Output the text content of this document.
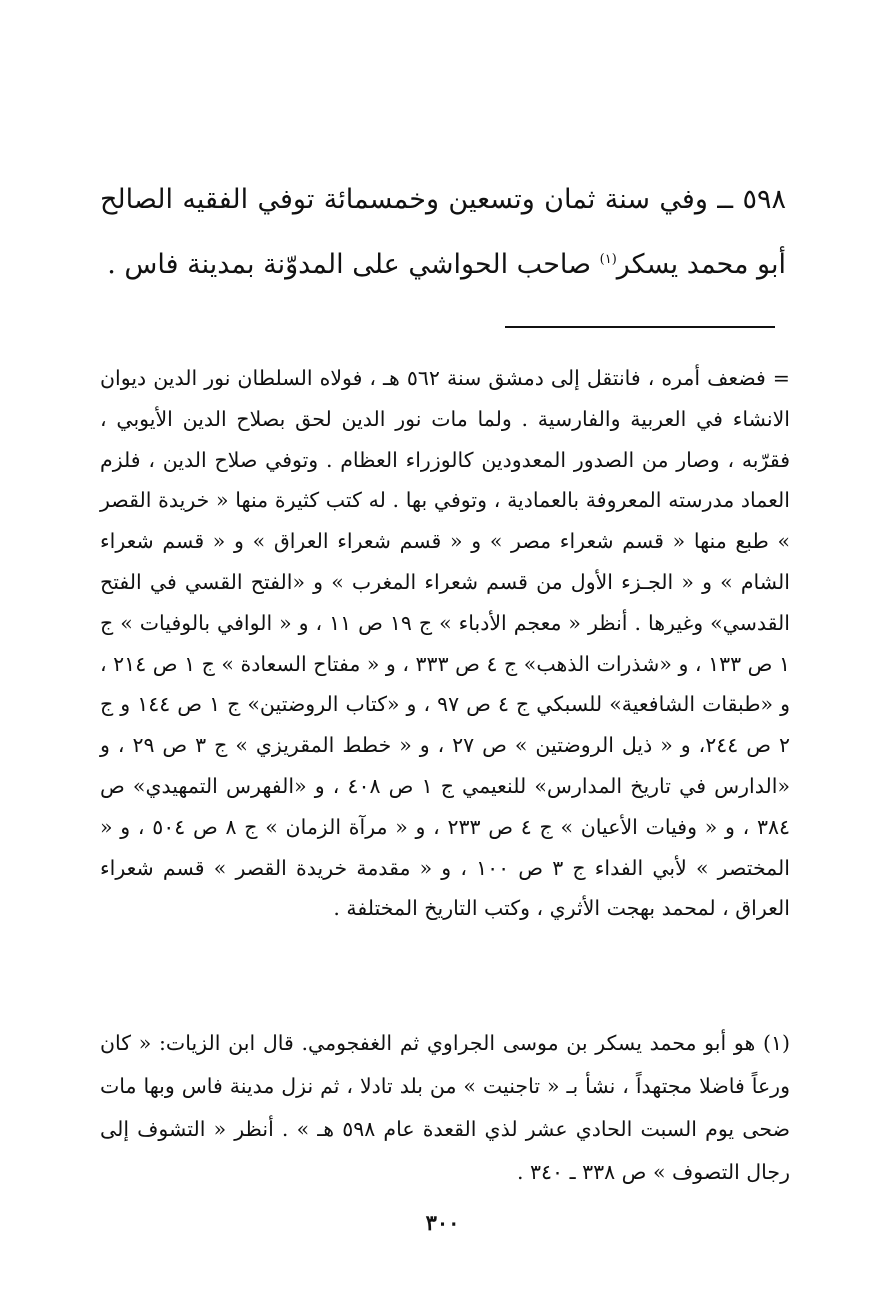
٥٩٨ ــ وفي سنة ثمان وتسعين وخمسمائة توفي الفقيه الصالح أبو محمد يسكر$^{(١)}$ صاحب الحواشي على المدوّنة بمدينة فاس .

= فضعف أمره ، فانتقل إلى دمشق سنة ٥٦٢ هـ ، فولاه السلطان نور الدين ديوان الانشاء في العربية والفارسية . ولما مات نور الدين لحق بصلاح الدين الأيوبي ، فقرّبه ، وصار من الصدور المعدودين كالوزراء العظام . وتوفي صلاح الدين ، فلزم العماد مدرسته المعروفة بالعمادية ، وتوفي بها . له كتب كثيرة منها « خريدة القصر » طبع منها « قسم شعراء مصر » و « قسم شعراء العراق » و « قسم شعراء الشام » و « الجـزء الأول من قسم شعراء المغرب » و «الفتح القسي في الفتح القدسي» وغيرها . أنظر « معجم الأدباء » ج ١٩ ص ١١ ، و « الوافي بالوفيات » ج ١ ص ١٣٣ ، و «شذرات الذهب» ج ٤ ص ٣٣٣ ، و « مفتاح السعادة » ج ١ ص ٢١٤ ، و «طبقات الشافعية» للسبكي ج ٤ ص ٩٧ ، و «كتاب الروضتين» ج ١ ص ١٤٤ و ج ٢ ص ٢٤٤، و « ذيل الروضتين » ص ٢٧ ، و « خطط المقريزي » ج ٣ ص ٢٩ ، و «الدارس في تاريخ المدارس» للنعيمي ج ١ ص ٤٠٨ ، و «الفهرس التمهيدي» ص ٣٨٤ ، و « وفيات الأعيان » ج ٤ ص ٢٣٣ ، و « مرآة الزمان » ج ٨ ص ٥٠٤ ، و « المختصر » لأبي الفداء ج ٣ ص ١٠٠ ، و « مقدمة خريدة القصر » قسم شعراء العراق ، لمحمد بهجت الأثري ، وكتب التاريخ المختلفة .

(١) هو أبو محمد يسكر بن موسى الجراوي ثم الغفجومي. قال ابن الزيات: « كان ورعاً فاضلا مجتهداً ، نشأ بـ « تاجنيت » من بلد تادلا ، ثم نزل مدينة فاس وبها مات ضحى يوم السبت الحادي عشر لذي القعدة عام ٥٩٨ هـ » . أنظر « التشوف إلى رجال التصوف » ص ٣٣٨ ـ ٣٤٠ .

٣٠٠
